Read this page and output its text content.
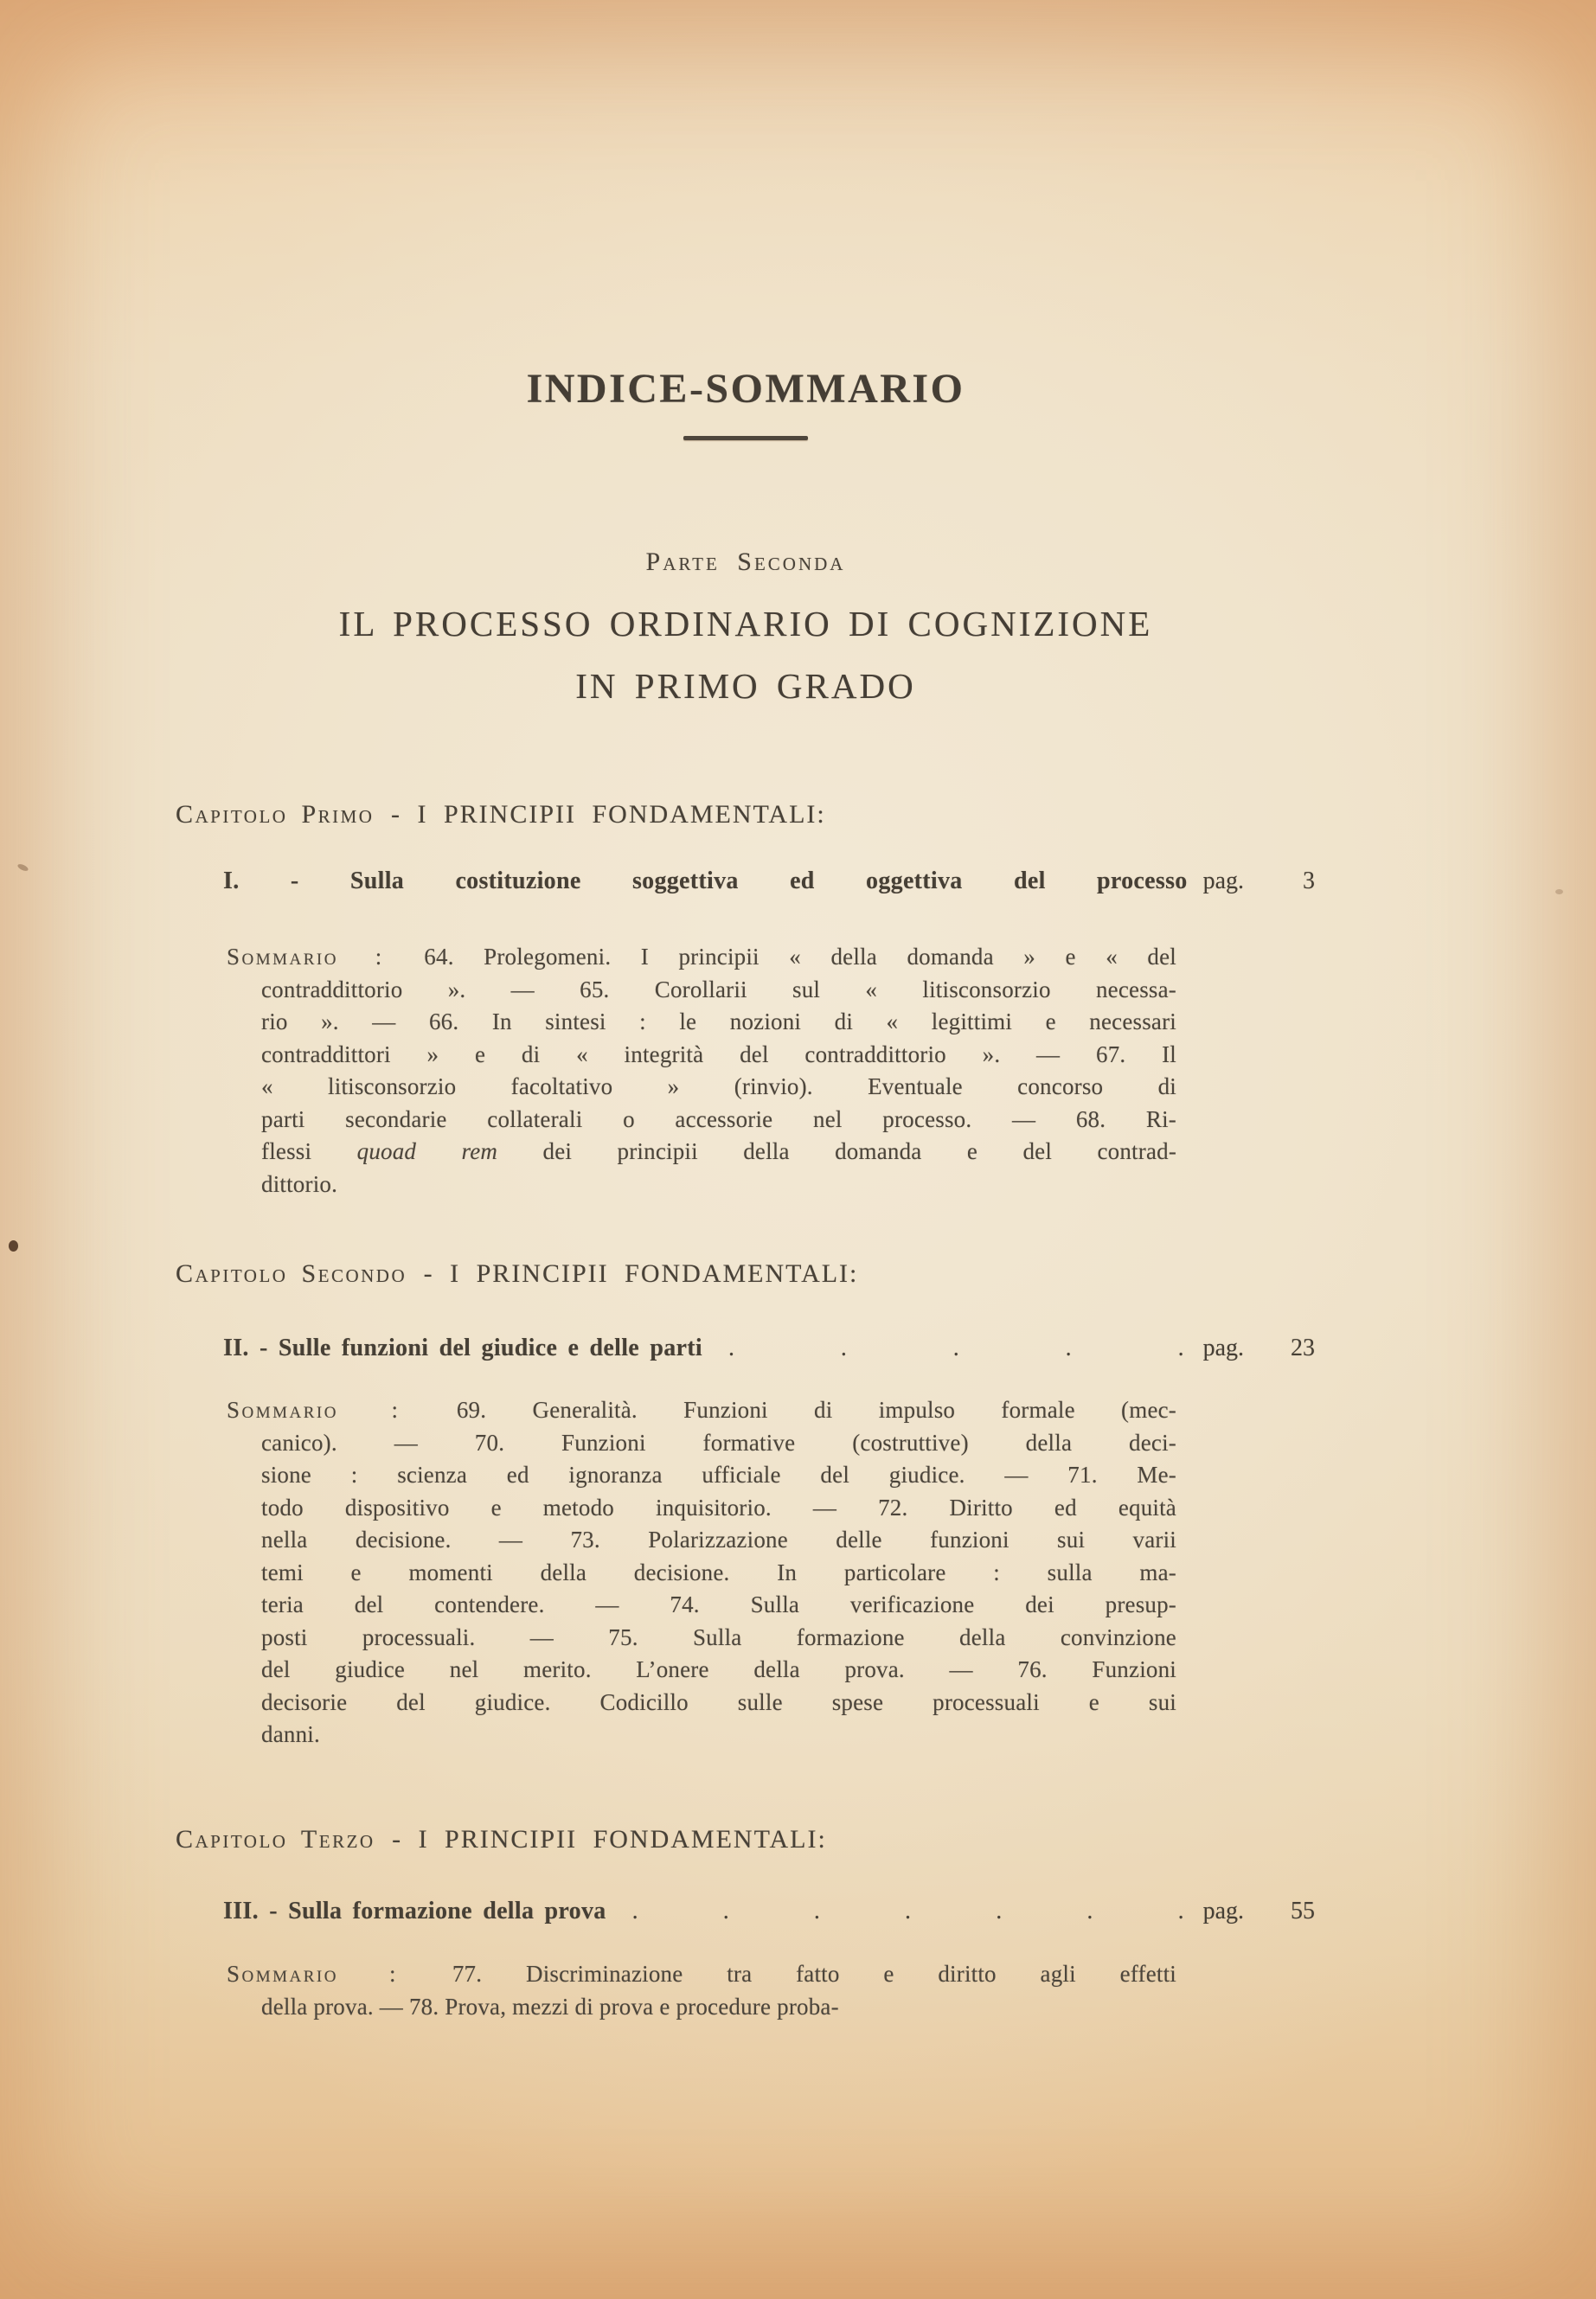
INDICE-SOMMARIO
Parte Seconda
IL PROCESSO ORDINARIO DI COGNIZIONE
IN PRIMO GRADO
Capitolo Primo - I PRINCIPII FONDAMENTALI:
I. - Sulla costituzione soggettiva ed oggettiva del processo pag.	3
Sommario : 64. Prolegomeni. I principii « della domanda » e « del
contraddittorio ». — 65. Corollarii sul « litisconsorzio necessa-
rio ». — 66. In sintesi : le nozioni di « legittimi e necessari
contraddittori » e di « integrità del contraddittorio ». — 67. Il
« litisconsorzio facoltativo » (rinvio). Eventuale concorso di
parti secondarie collaterali o accessorie nel processo. — 68. Ri-
flessi quoad rem dei principii della domanda e del contrad-
dittorio.
Capitolo Secondo - I PRINCIPII FONDAMENTALI:
II. - Sulle funzioni del giudice e delle parti	. . . . . pag.	23
Sommario : 69. Generalità. Funzioni di impulso formale (mec-
canico). — 70. Funzioni formative (costruttive) della deci-
sione : scienza ed ignoranza ufficiale del giudice. — 71. Me-
todo dispositivo e metodo inquisitorio. — 72. Diritto ed equità
nella decisione. — 73. Polarizzazione delle funzioni sui varii
temi e momenti della decisione. In particolare : sulla ma-
teria del contendere. — 74. Sulla verificazione dei presup-
posti processuali. — 75. Sulla formazione della convinzione
del giudice nel merito. L’onere della prova. — 76. Funzioni
decisorie del giudice. Codicillo sulle spese processuali e sui
danni.
Capitolo Terzo - I PRINCIPII FONDAMENTALI:
III. - Sulla formazione della prova	. . . . . . . pag.	55
Sommario : 77. Discriminazione tra fatto e diritto agli effetti
della prova. — 78. Prova, mezzi di prova e procedure proba-
